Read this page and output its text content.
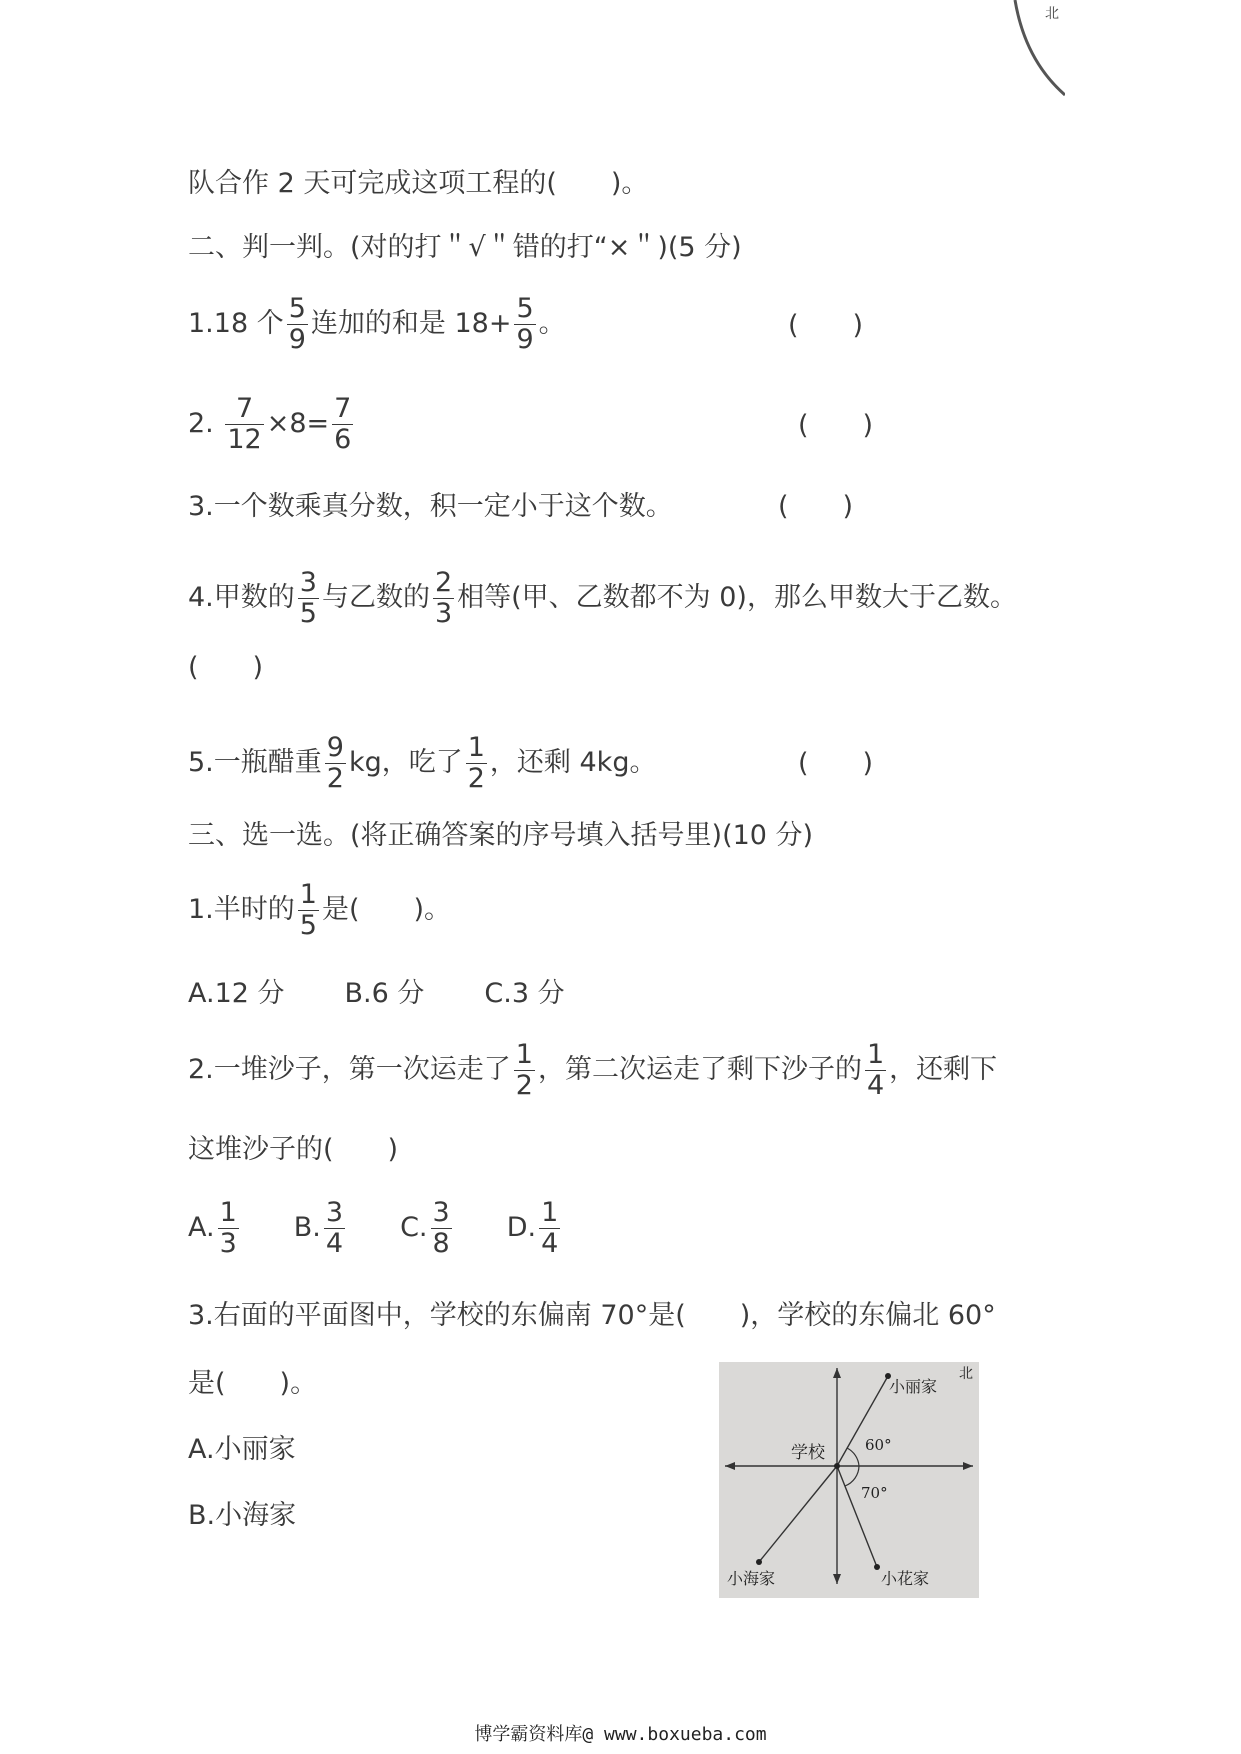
北
队合作 2 天可完成这项工程的(　　)。
二、判一判。(对的打＂√＂错的打“×＂)(5 分)
1.18 个 $\frac{5}{9}$ 连加的和是 $18+ \frac{5}{9}$ 。	(　　)
2. $\frac{7}{12} \times 8= \frac{7}{6}$	(　　)
3.一个数乘真分数，积一定小于这个数。	(　　)
4.甲数的 $\frac{3}{5}$ 与乙数的 $\frac{2}{3}$ 相等(甲、乙数都不为 0)，那么甲数大于乙数。
(　　)
5.一瓶醋重 $\frac{9}{2}$ kg，吃了 $\frac{1}{2}$ ，还剩 4kg。	(　　)
三、选一选。(将正确答案的序号填入括号里)(10 分)
1.半时的 $\frac{1}{5}$ 是(　　)。
A.12 分 B.6 分 C.3 分
2.一堆沙子，第一次运走了 $\frac{1}{2}$ ，第二次运走了剩下沙子的 $\frac{1}{4}$ ，还剩下
这堆沙子的(　　)
A. $\frac{1}{3} B$. $\frac{3}{4} C$. $\frac{3}{8} D$. $\frac{1}{4}$
3.右面的平面图中，学校的东偏南 70°是(　　)，学校的东偏北 60°
是(　　)。
A.小丽家
B.小海家
学校
小丽家
小海家	小花家
60°
70°
北
博学霸资料库@ www.boxueba.com
